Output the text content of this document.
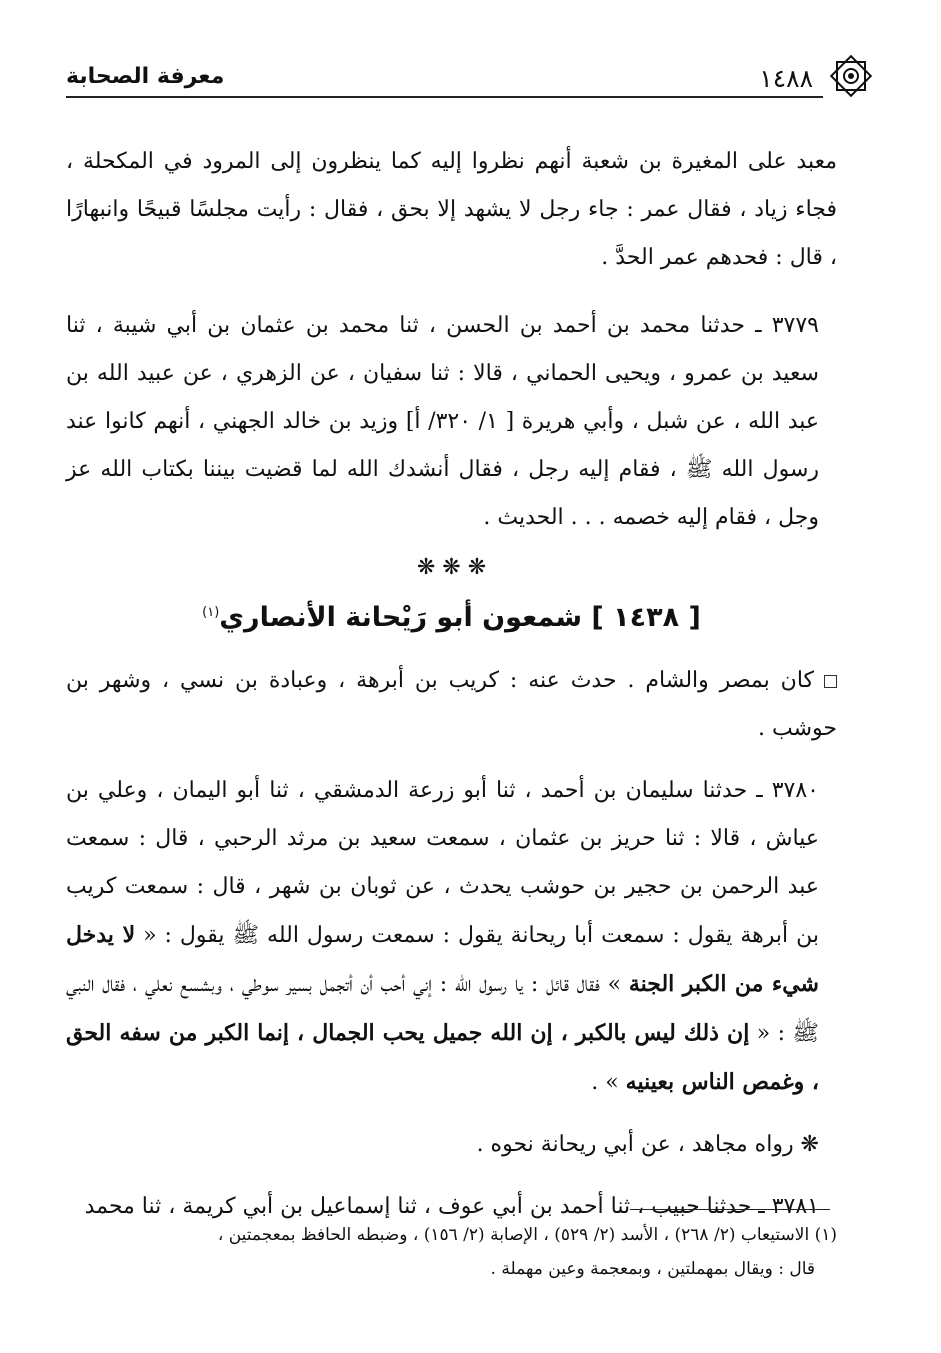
١٤٨٨
معرفة الصحابة

معبد على المغيرة بن شعبة أنهم نظروا إليه كما ينظرون إلى المرود في المكحلة ، فجاء زياد ، فقال عمر : جاء رجل لا يشهد إلا بحق ، فقال : رأيت مجلسًا قبيحًا وانبهارًا ، قال : فحدهم عمر الحدَّ .

٣٧٧٩ ـ حدثنا محمد بن أحمد بن الحسن ، ثنا محمد بن عثمان بن أبي شيبة ، ثنا سعيد بن عمرو ، ويحيى الحماني ، قالا : ثنا سفيان ، عن الزهري ، عن عبيد الله بن عبد الله ، عن شبل ، وأبي هريرة [ ١/ ٣٢٠/ أ] وزيد بن خالد الجهني ، أنهم كانوا عند رسول الله ﷺ ، فقام إليه رجل ، فقال أنشدك الله لما قضيت بيننا بكتاب الله عز وجل ، فقام إليه خصمه . . . الحديث .

❋ ❋ ❋

[ ١٤٣٨ ] شمعون أبو رَيْحانة الأنصاري$^{(١)}$

كان بمصر والشام . حدث عنه : كريب بن أبرهة ، وعبادة بن نسي ، وشهر بن حوشب .

٣٧٨٠ ـ حدثنا سليمان بن أحمد ، ثنا أبو زرعة الدمشقي ، ثنا أبو اليمان ، وعلي بن عياش ، قالا : ثنا حريز بن عثمان ، سمعت سعيد بن مرثد الرحبي ، قال : سمعت عبد الرحمن بن حجير بن حوشب يحدث ، عن ثوبان بن شهر ، قال : سمعت كريب بن أبرهة يقول : سمعت أبا ريحانة يقول : سمعت رسول الله ﷺ يقول : « لا يدخل شيء من الكبر الجنة » فقال قائل : يا رسول الله : إني أحب أن أتجمل بسير سوطي ، وبشسع نعلي ، فقال النبي ﷺ : « إن ذلك ليس بالكبر ، إن الله جميل يحب الجمال ، إنما الكبر من سفه الحق ، وغمص الناس بعينيه » .

❋ رواه مجاهد ، عن أبي ريحانة نحوه .

٣٧٨١ ـ حدثنا حبيب ، ثنا أحمد بن أبي عوف ، ثنا إسماعيل بن أبي كريمة ، ثنا محمد

(١) الاستيعاب (٢/ ٢٦٨) ، الأسد (٢/ ٥٢٩) ، الإصابة (٢/ ١٥٦) ، وضبطه الحافظ بمعجمتين ،

قال : ويقال بمهملتين ، وبمعجمة وعين مهملة .
